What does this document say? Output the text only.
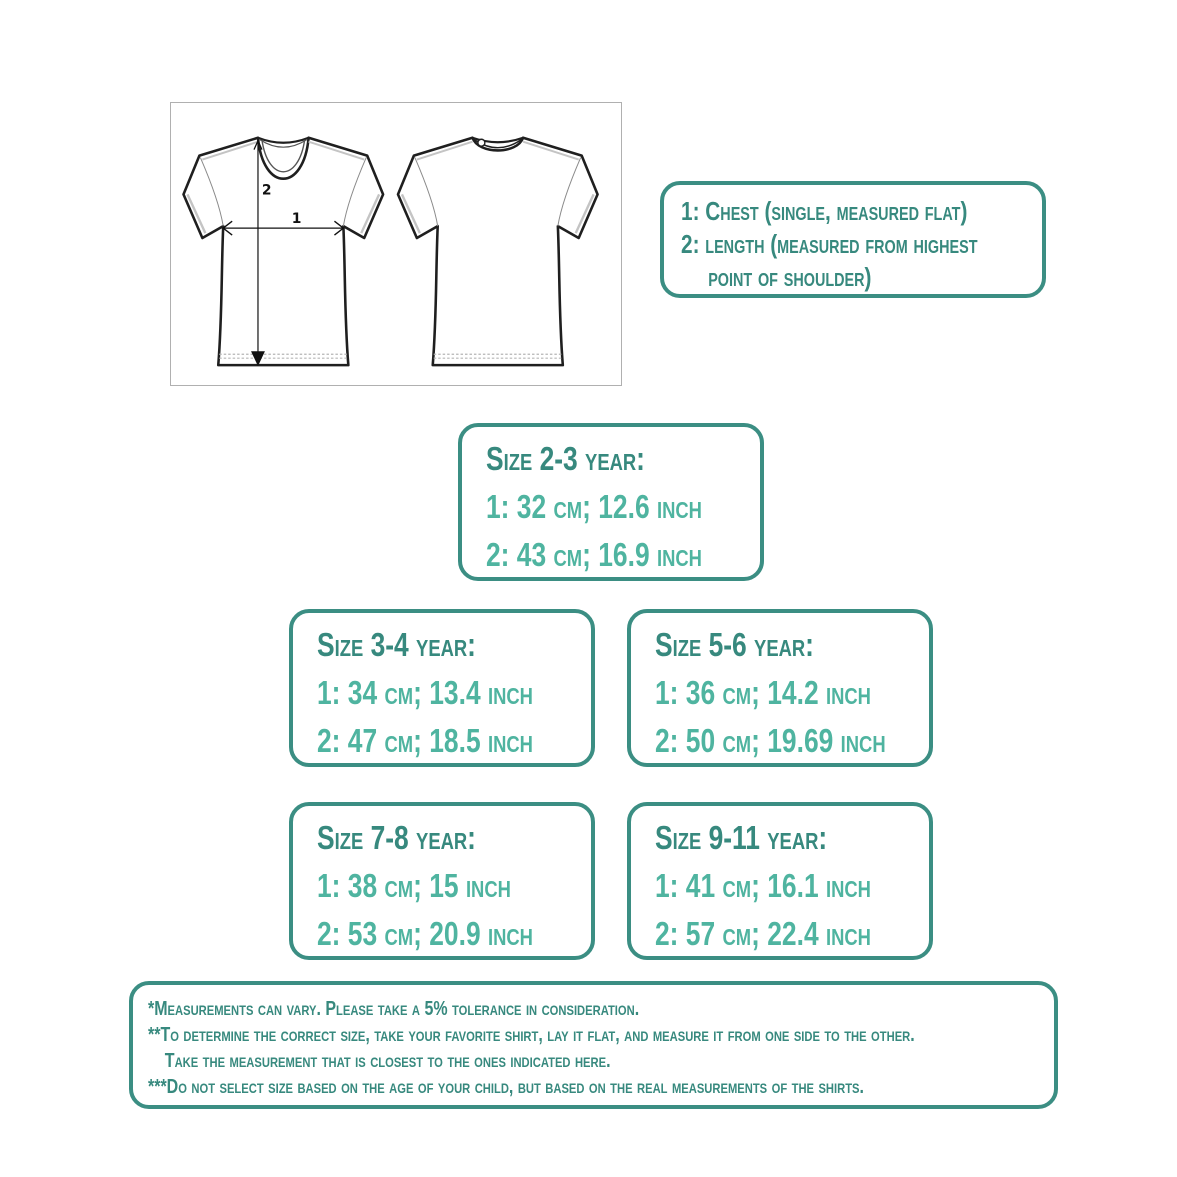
1
2
1: Chest (single, measured flat)
2: length (measured from highest
point of shoulder)
Size 2-3 year:
1: 32 cm; 12.6 inch
2: 43 cm; 16.9 inch
Size 3-4 year:
1: 34 cm; 13.4 inch
2: 47 cm; 18.5 inch
Size 5-6 year:
1: 36 cm; 14.2 inch
2: 50 cm; 19.69 inch
Size 7-8 year:
1: 38 cm; 15 inch
2: 53 cm; 20.9 inch
Size 9-11 year:
1: 41 cm; 16.1 inch
2: 57 cm; 22.4 inch
*Measurements can vary. Please take a 5% tolerance in consideration.
**To determine the correct size, take your favorite shirt, lay it flat, and measure it from one side to the other.
Take the measurement that is closest to the ones indicated here.
***Do not select size based on the age of your child, but based on the real measurements of the shirts.
